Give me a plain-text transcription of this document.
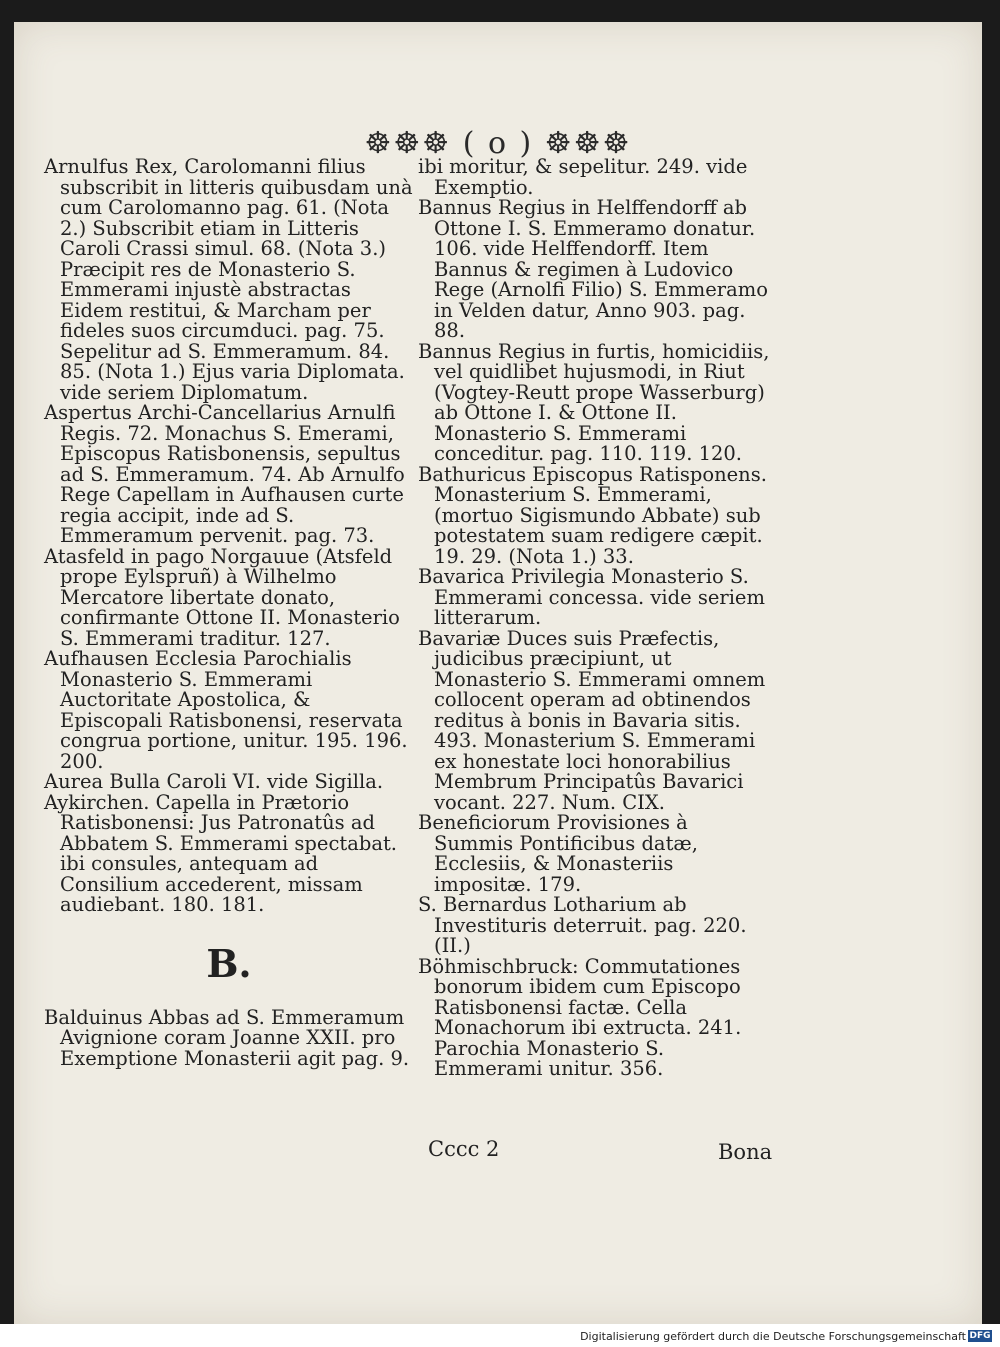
☸☸☸ ( o ) ☸☸☸

Arnulfus Rex, Carolomanni filius subscribit in litteris quibusdam unà cum Carolomanno pag. 61. (Nota 2.) Subscribit etiam in Litteris Caroli Crassi simul. 68. (Nota 3.) Præcipit res de Monasterio S. Emmerami injustè abstractas Eidem restitui, & Marcham per fideles suos circumduci. pag. 75. Sepelitur ad S. Emmeramum. 84. 85. (Nota 1.) Ejus varia Diplomata. vide seriem Diplomatum.

Aspertus Archi-Cancellarius Arnulfi Regis. 72. Monachus S. Emerami, Episcopus Ratisbonensis, sepultus ad S. Emmeramum. 74. Ab Arnulfo Rege Capellam in Aufhausen curte regia accipit, inde ad S. Emmeramum pervenit. pag. 73.

Atasfeld in pago Norgauue (Atsfeld prope Eylspruñ) à Wilhelmo Mercatore libertate donato, confirmante Ottone II. Monasterio S. Emmerami traditur. 127.

Aufhausen Ecclesia Parochialis Monasterio S. Emmerami Auctoritate Apostolica, & Episcopali Ratisbonensi, reservata congrua portione, unitur. 195. 196. 200.

Aurea Bulla Caroli VI. vide Sigilla.

Aykirchen. Capella in Prætorio Ratisbonensi: Jus Patronatûs ad Abbatem S. Emmerami spectabat. ibi consules, antequam ad Consilium accederent, missam audiebant. 180. 181.

B.

Balduinus Abbas ad S. Emmeramum Avignione coram Joanne XXII. pro Exemptione Monasterii agit pag. 9.

ibi moritur, & sepelitur. 249. vide Exemptio.

Bannus Regius in Helffendorff ab Ottone I. S. Emmeramo donatur. 106. vide Helffendorff. Item Bannus & regimen à Ludovico Rege (Arnolfi Filio) S. Emmeramo in Velden datur, Anno 903. pag. 88.

Bannus Regius in furtis, homicidiis, vel quidlibet hujusmodi, in Riut (Vogtey-Reutt prope Wasserburg) ab Ottone I. & Ottone II. Monasterio S. Emmerami conceditur. pag. 110. 119. 120.

Bathuricus Episcopus Ratisponens. Monasterium S. Emmerami, (mortuo Sigismundo Abbate) sub potestatem suam redigere cæpit. 19. 29. (Nota 1.) 33.

Bavarica Privilegia Monasterio S. Emmerami concessa. vide seriem litterarum.

Bavariæ Duces suis Præfectis, judicibus præcipiunt, ut Monasterio S. Emmerami omnem collocent operam ad obtinendos reditus à bonis in Bavaria sitis. 493. Monasterium S. Emmerami ex honestate loci honorabilius Membrum Principatûs Bavarici vocant. 227. Num. CIX.

Beneficiorum Provisiones à Summis Pontificibus datæ, Ecclesiis, & Monasteriis impositæ. 179.

S. Bernardus Lotharium ab Investituris deterruit. pag. 220. (II.)

Böhmischbruck: Commutationes bonorum ibidem cum Episcopo Ratisbonensi factæ. Cella Monachorum ibi extructa. 241. Parochia Monasterio S. Emmerami unitur. 356.

Cccc 2	Bona
Digitalisierung gefördert durch die Deutsche Forschungsgemeinschaft DFG
